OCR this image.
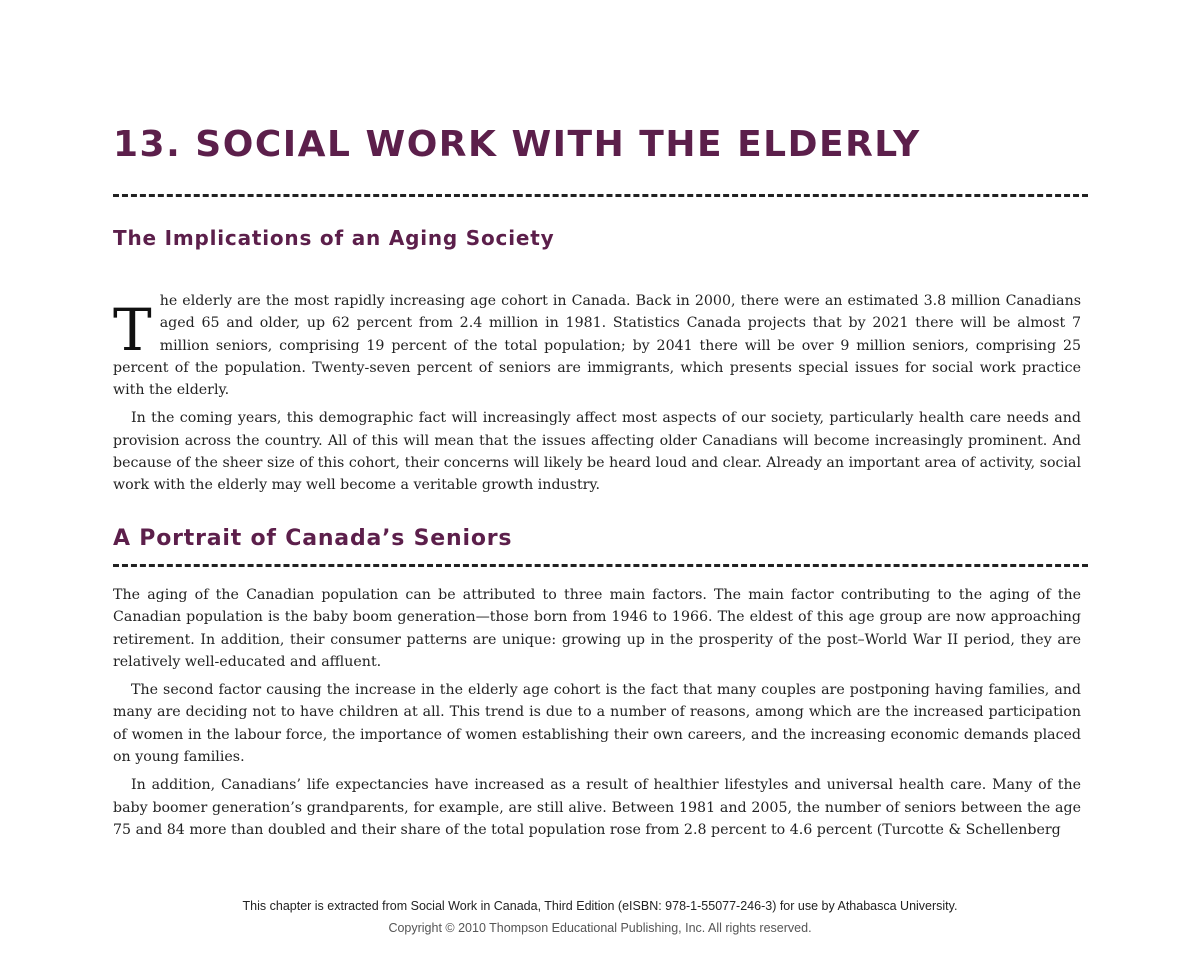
13. SOCIAL WORK WITH THE ELDERLY
The Implications of an Aging Society

The elderly are the most rapidly increasing age cohort in Canada. Back in 2000, there were an estimated 3.8 million Canadians aged 65 and older, up 62 percent from 2.4 million in 1981. Statistics Canada projects that by 2021 there will be almost 7 million seniors, comprising 19 percent of the total population; by 2041 there will be over 9 million seniors, comprising 25 percent of the population. Twenty-seven percent of seniors are immigrants, which presents special issues for social work practice with the elderly.

In the coming years, this demographic fact will increasingly affect most aspects of our society, particularly health care needs and provision across the country. All of this will mean that the issues affecting older Canadians will become increasingly prominent. And because of the sheer size of this cohort, their concerns will likely be heard loud and clear. Already an important area of activity, social work with the elderly may well become a veritable growth industry.

A Portrait of Canada’s Seniors

The aging of the Canadian population can be attributed to three main factors. The main factor contributing to the aging of the Canadian population is the baby boom generation—those born from 1946 to 1966. The eldest of this age group are now approaching retirement. In addition, their consumer patterns are unique: growing up in the prosperity of the post–World War II period, they are relatively well-educated and affluent.

The second factor causing the increase in the elderly age cohort is the fact that many couples are postponing having families, and many are deciding not to have children at all. This trend is due to a number of reasons, among which are the increased participation of women in the labour force, the importance of women establishing their own careers, and the increasing economic demands placed on young families.

In addition, Canadians’ life expectancies have increased as a result of healthier lifestyles and universal health care. Many of the baby boomer generation’s grandparents, for example, are still alive. Between 1981 and 2005, the number of seniors between the age 75 and 84 more than doubled and their share of the total population rose from 2.8 percent to 4.6 percent (Turcotte & Schellenberg

This chapter is extracted from Social Work in Canada, Third Edition (eISBN: 978-1-55077-246-3) for use by Athabasca University.
Copyright © 2010 Thompson Educational Publishing, Inc. All rights reserved.
